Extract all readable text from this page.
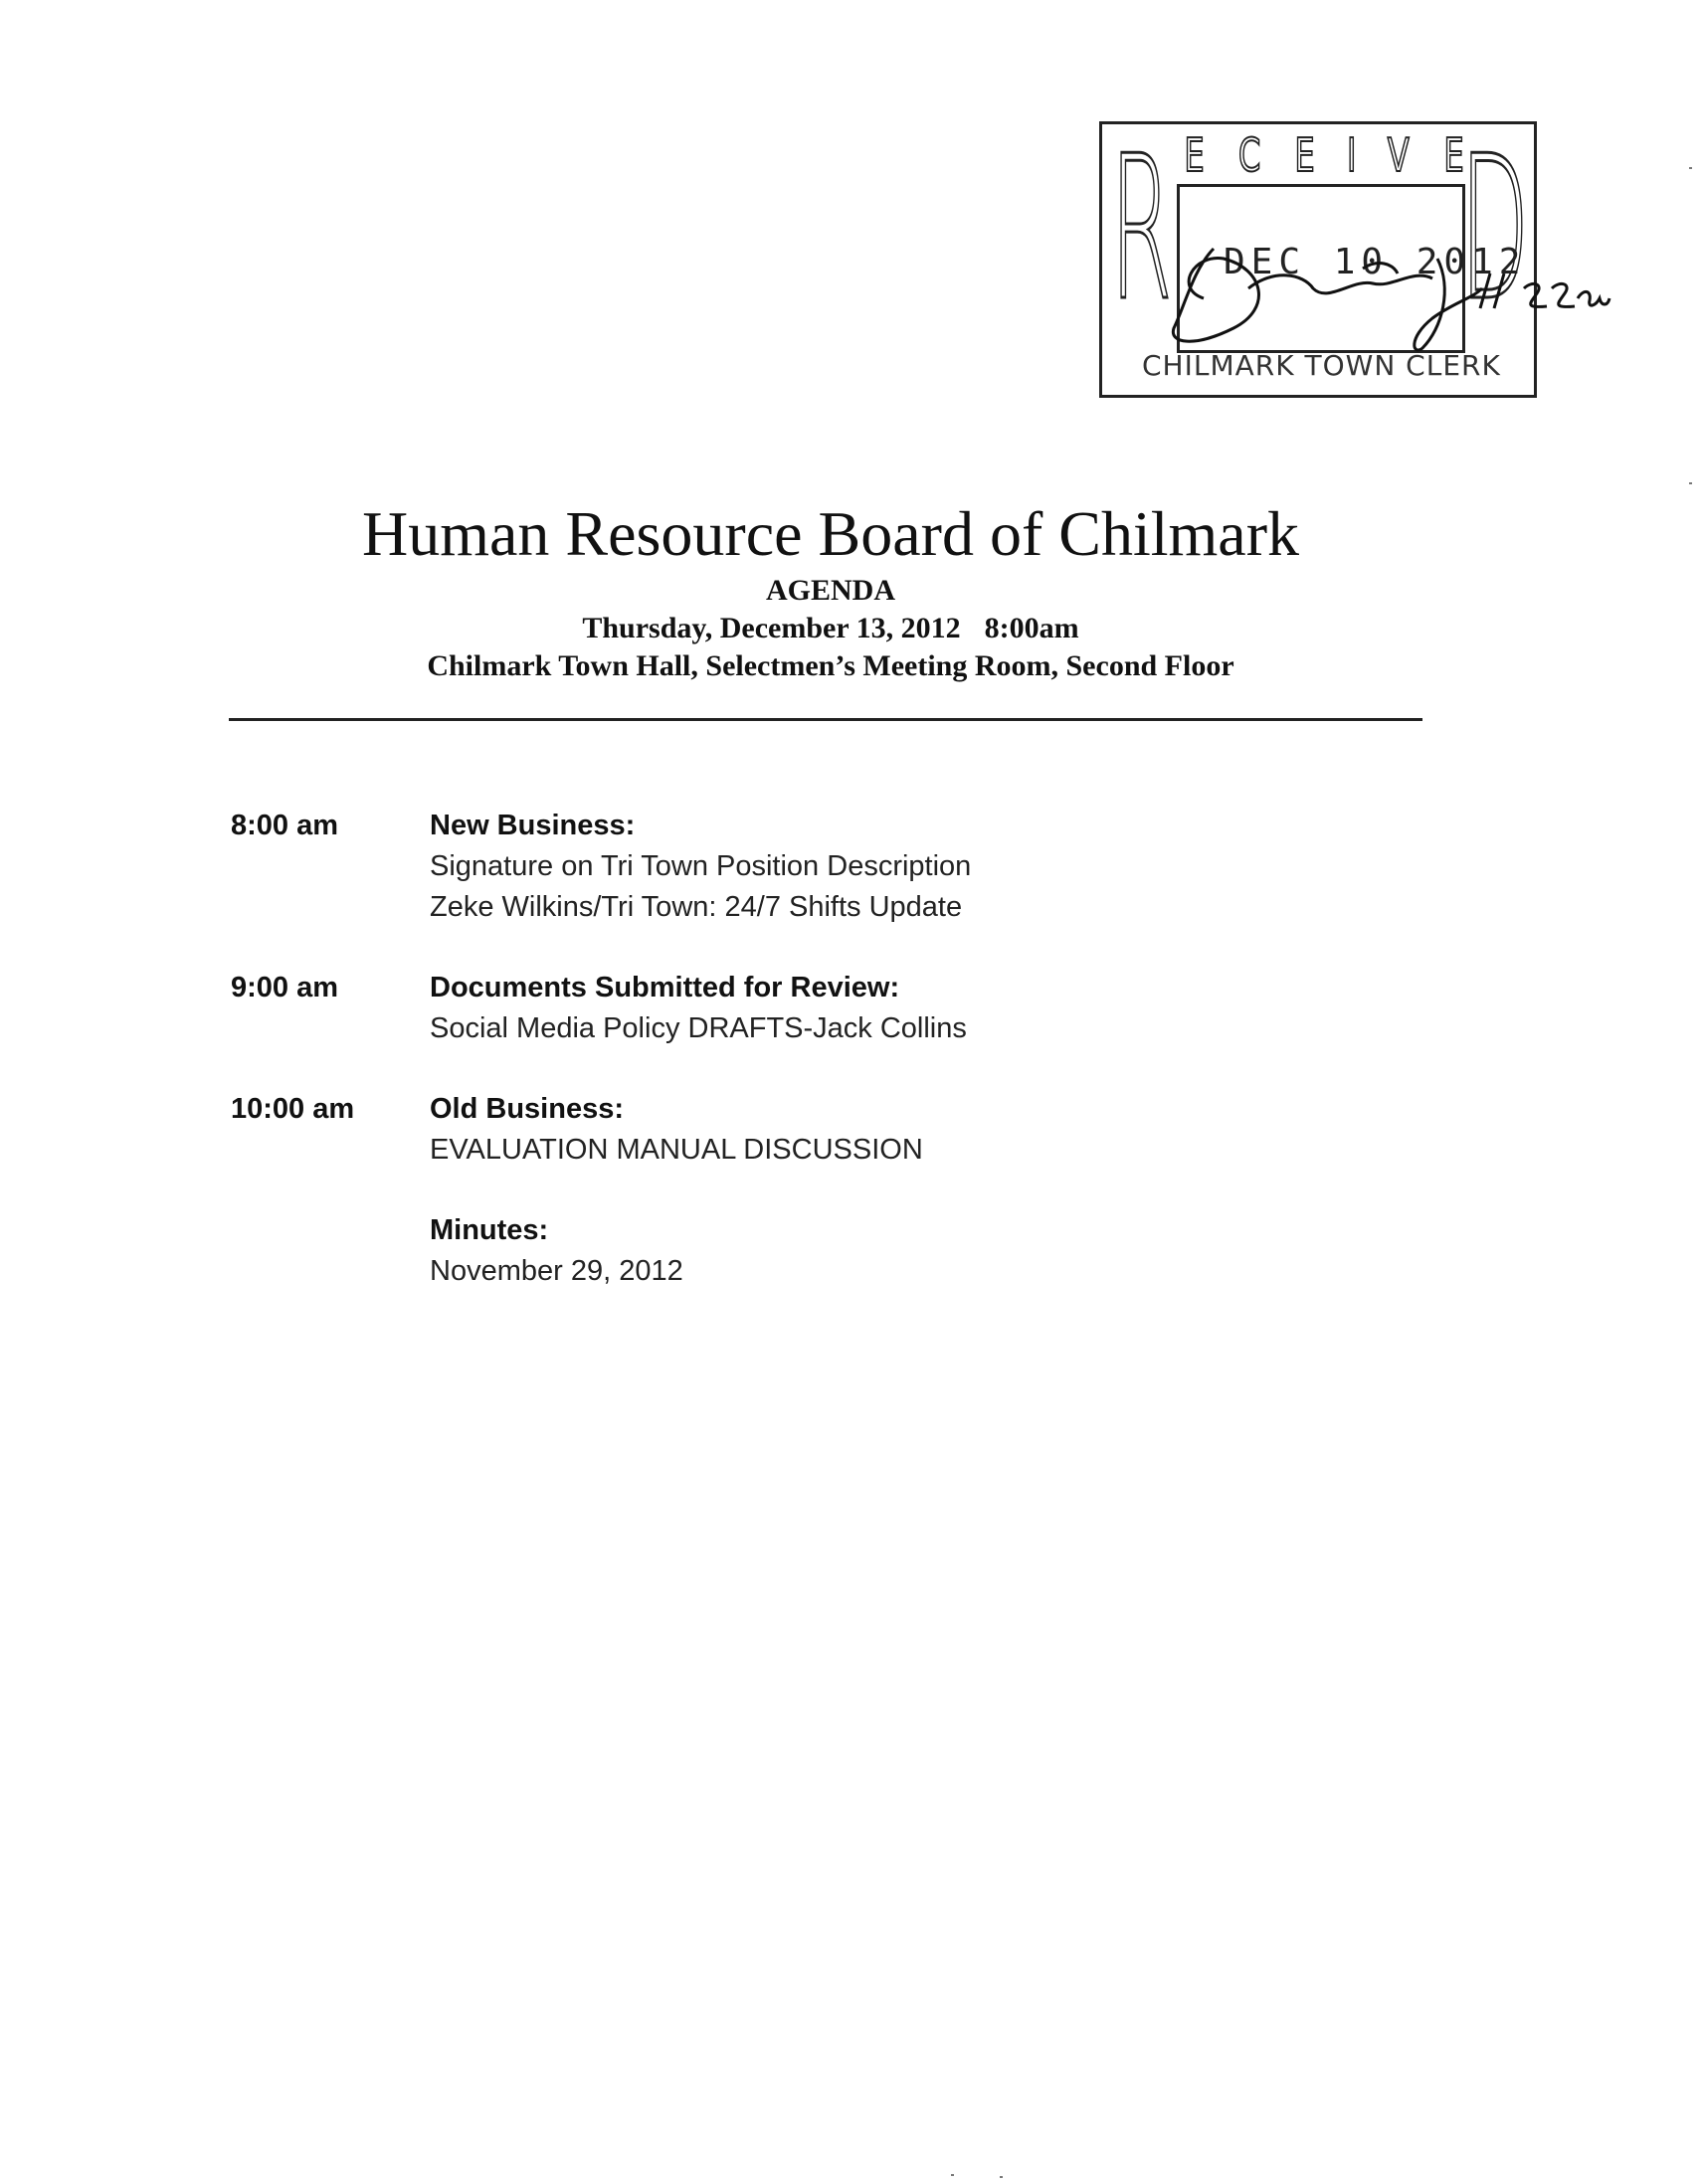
R E C E I V E
D
DEC 10 2012
CHILMARK TOWN CLERK
Human Resource Board of Chilmark
AGENDA
Thursday, December 13, 2012 8:00am
Chilmark Town Hall, Selectmen’s Meeting Room, Second Floor
8:00 am	New Business:
Signature on Tri Town Position Description
Zeke Wilkins/Tri Town: 24/7 Shifts Update
9:00 am	Documents Submitted for Review:
Social Media Policy DRAFTS-Jack Collins
10:00 am	Old Business:
EVALUATION MANUAL DISCUSSION
Minutes:
November 29, 2012
